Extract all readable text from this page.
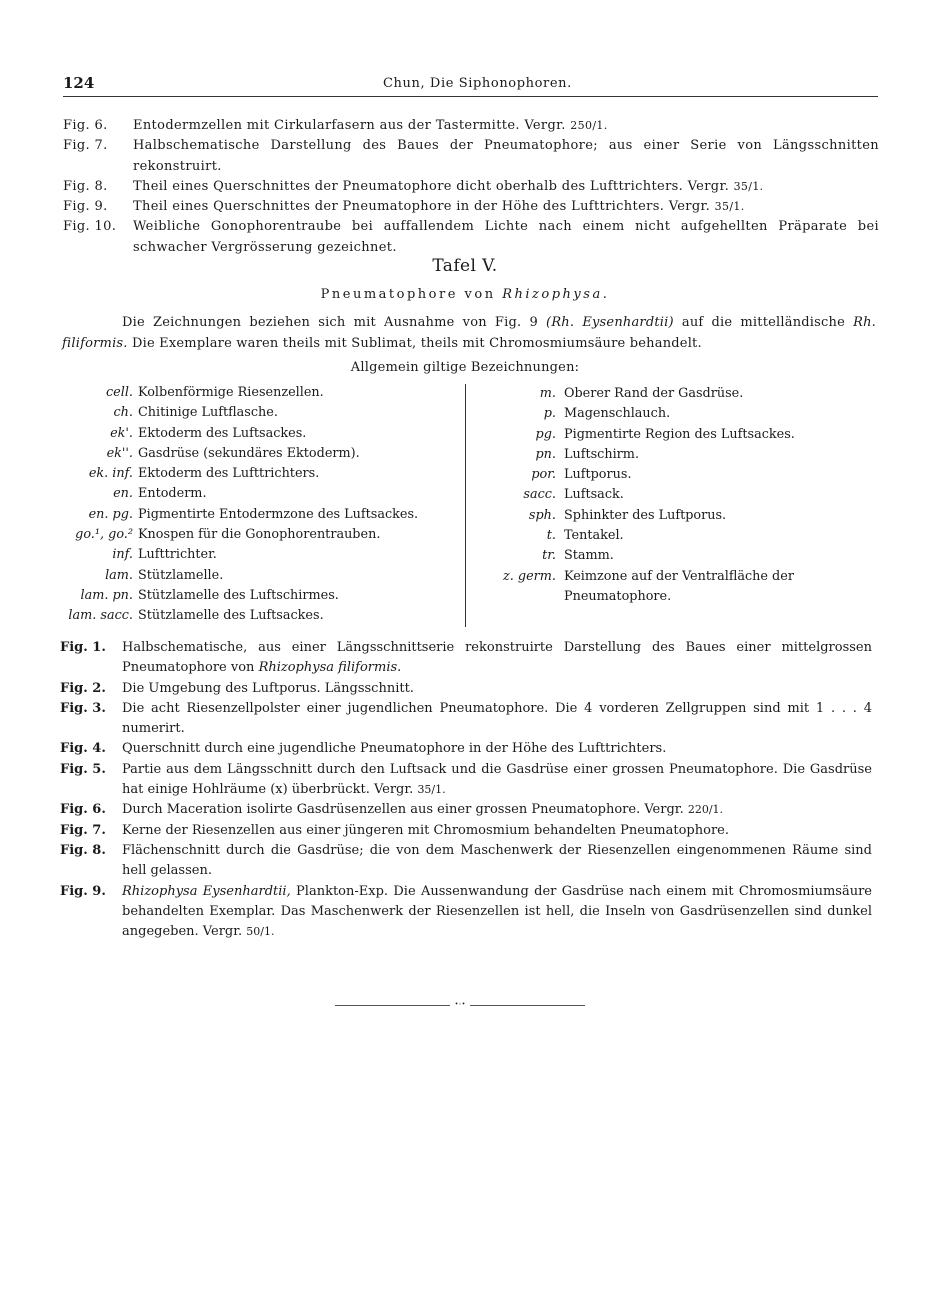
124	Chun, Die Siphonophoren.
Fig. 6. Entodermzellen mit Cirkularfasern aus der Tastermitte. Vergr. 250/1.
Fig. 7. Halbschematische Darstellung des Baues der Pneumatophore; aus einer Serie von Längsschnitten rekonstruirt.
Fig. 8. Theil eines Querschnittes der Pneumatophore dicht oberhalb des Lufttrichters. Vergr. 35/1.
Fig. 9. Theil eines Querschnittes der Pneumatophore in der Höhe des Lufttrichters. Vergr. 35/1.
Fig. 10. Weibliche Gonophorentraube bei auffallendem Lichte nach einem nicht aufgehellten Präparate bei schwacher Vergrösserung gezeichnet.
Tafel V.
Pneumatophore von Rhizophysa.
Die Zeichnungen beziehen sich mit Ausnahme von Fig. 9 (Rh. Eysenhardtii) auf die mittelländische Rh. filiformis. Die Exemplare waren theils mit Sublimat, theils mit Chromosmiumsäure behandelt.
Allgemein giltige Bezeichnungen:
cell. Kolbenförmige Riesenzellen.
ch. Chitinige Luftflasche.
ek'. Ektoderm des Luftsackes.
ek''. Gasdrüse (sekundäres Ektoderm).
ek. inf. Ektoderm des Lufttrichters.
en. Entoderm.
en. pg. Pigmentirte Entodermzone des Luftsackes.
go.¹, go.² Knospen für die Gonophorentrauben.
inf. Lufttrichter.
lam. Stützlamelle.
lam. pn. Stützlamelle des Luftschirmes.
lam. sacc. Stützlamelle des Luftsackes.
m. Oberer Rand der Gasdrüse.
p. Magenschlauch.
pg. Pigmentirte Region des Luftsackes.
pn. Luftschirm.
por. Luftporus.
sacc. Luftsack.
sph. Sphinkter des Luftporus.
t. Tentakel.
tr. Stamm.
z. germ. Keimzone auf der Ventralfläche der Pneumatophore.
Fig. 1. Halbschematische, aus einer Längsschnittserie rekonstruirte Darstellung des Baues einer mittelgrossen Pneumatophore von Rhizophysa filiformis.
Fig. 2. Die Umgebung des Luftporus. Längsschnitt.
Fig. 3. Die acht Riesenzellpolster einer jugendlichen Pneumatophore. Die 4 vorderen Zellgruppen sind mit 1 . . . 4 numerirt.
Fig. 4. Querschnitt durch eine jugendliche Pneumatophore in der Höhe des Lufttrichters.
Fig. 5. Partie aus dem Längsschnitt durch den Luftsack und die Gasdrüse einer grossen Pneumatophore. Die Gasdrüse hat einige Hohlräume (x) überbrückt. Vergr. 35/1.
Fig. 6. Durch Maceration isolirte Gasdrüsenzellen aus einer grossen Pneumatophore. Vergr. 220/1.
Fig. 7. Kerne der Riesenzellen aus einer jüngeren mit Chromosmium behandelten Pneumatophore.
Fig. 8. Flächenschnitt durch die Gasdrüse; die von dem Maschenwerk der Riesenzellen eingenommenen Räume sind hell gelassen.
Fig. 9. Rhizophysa Eysenhardtii, Plankton-Exp. Die Aussenwandung der Gasdrüse nach einem mit Chromosmiumsäure behandelten Exemplar. Das Maschenwerk der Riesenzellen ist hell, die Inseln von Gasdrüsenzellen sind dunkel angegeben. Vergr. 50/1.
•◦•
